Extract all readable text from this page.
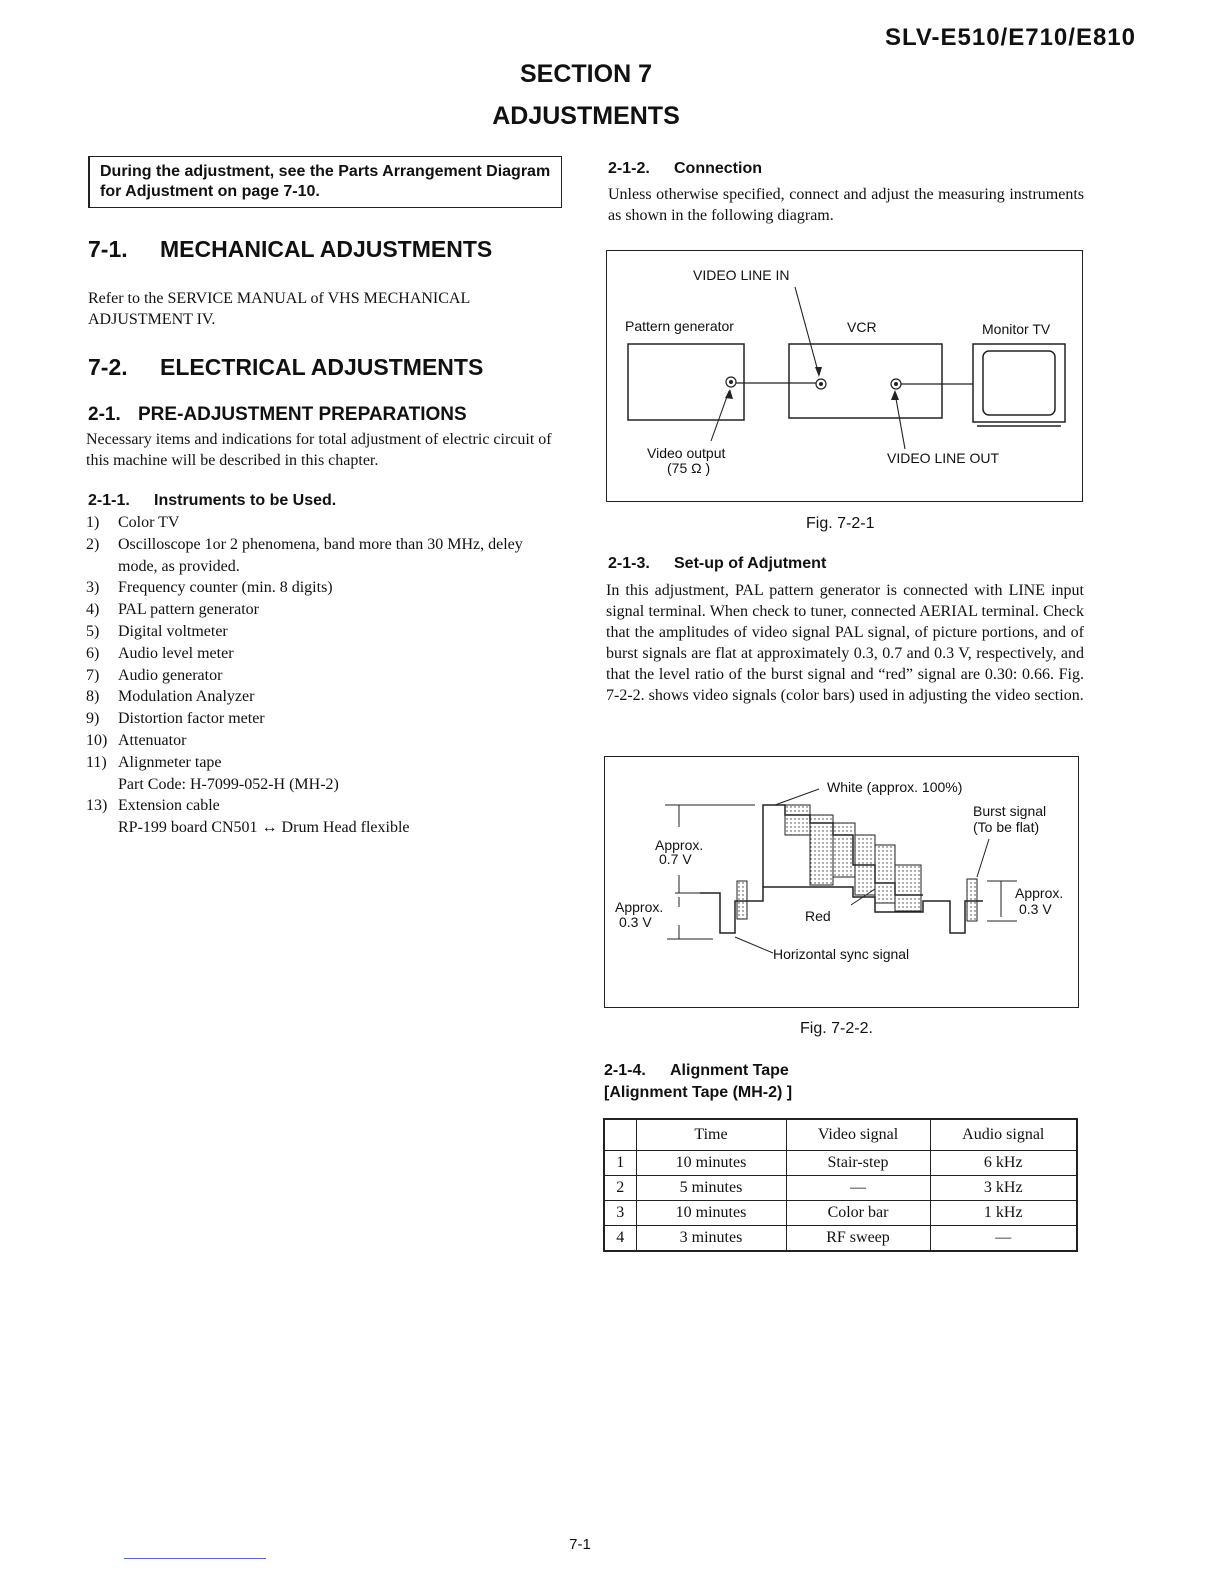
SLV-E510/E710/E810
SECTION 7
ADJUSTMENTS
During the adjustment, see the Parts Arrangement Diagram for Adjustment on page 7-10.
7-1. MECHANICAL ADJUSTMENTS
Refer to the SERVICE MANUAL of VHS MECHANICAL ADJUSTMENT IV.
7-2. ELECTRICAL ADJUSTMENTS
2-1. PRE-ADJUSTMENT PREPARATIONS
Necessary items and indications for total adjustment of electric circuit of this machine will be described in this chapter.
2-1-1. Instruments to be Used.
1)	Color TV
2)	Oscilloscope 1or 2 phenomena, band more than 30 MHz, deley mode, as provided.
3)	Frequency counter (min. 8 digits)
4)	PAL pattern generator
5)	Digital voltmeter
6)	Audio level meter
7)	Audio generator
8)	Modulation Analyzer
9)	Distortion factor meter
10) Attenuator
11) Alignmeter tape
Part Code: H-7099-052-H (MH-2)
13) Extension cable
RP-199 board CN501 ↔ Drum Head flexible
2-1-2. Connection
Unless otherwise specified, connect and adjust the measuring instruments as shown in the following diagram.
VIDEO LINE IN
Pattern generator	VCR	Monitor TV
Video output
(75 Ω )
VIDEO LINE OUT
Fig. 7-2-1
2-1-3. Set-up of Adjutment
In this adjustment, PAL pattern generator is connected with LINE input signal terminal. When check to tuner, connected AERIAL terminal. Check that the amplitudes of video signal PAL signal, of picture portions, and of burst signals are flat at approximately 0.3, 0.7 and 0.3 V, respectively, and that the level ratio of the burst signal and “red” signal are 0.30: 0.66. Fig. 7-2-2. shows video signals (color bars) used in adjusting the video section.
White (approx. 100%)
Burst signal
(To be flat)
Approx.
0.7 V
Approx.
0.3 V	Red
Horizontal sync signal
Approx.
0.3 V
Fig. 7-2-2.
2-1-4. Alignment Tape
[Alignment Tape (MH-2) ]
	Time	Video signal	Audio signal
1	10 minutes	Stair-step	6 kHz
2	5 minutes	—	3 kHz
3	10 minutes	Color bar	1 kHz
4	3 minutes	RF sweep	—
7-1
